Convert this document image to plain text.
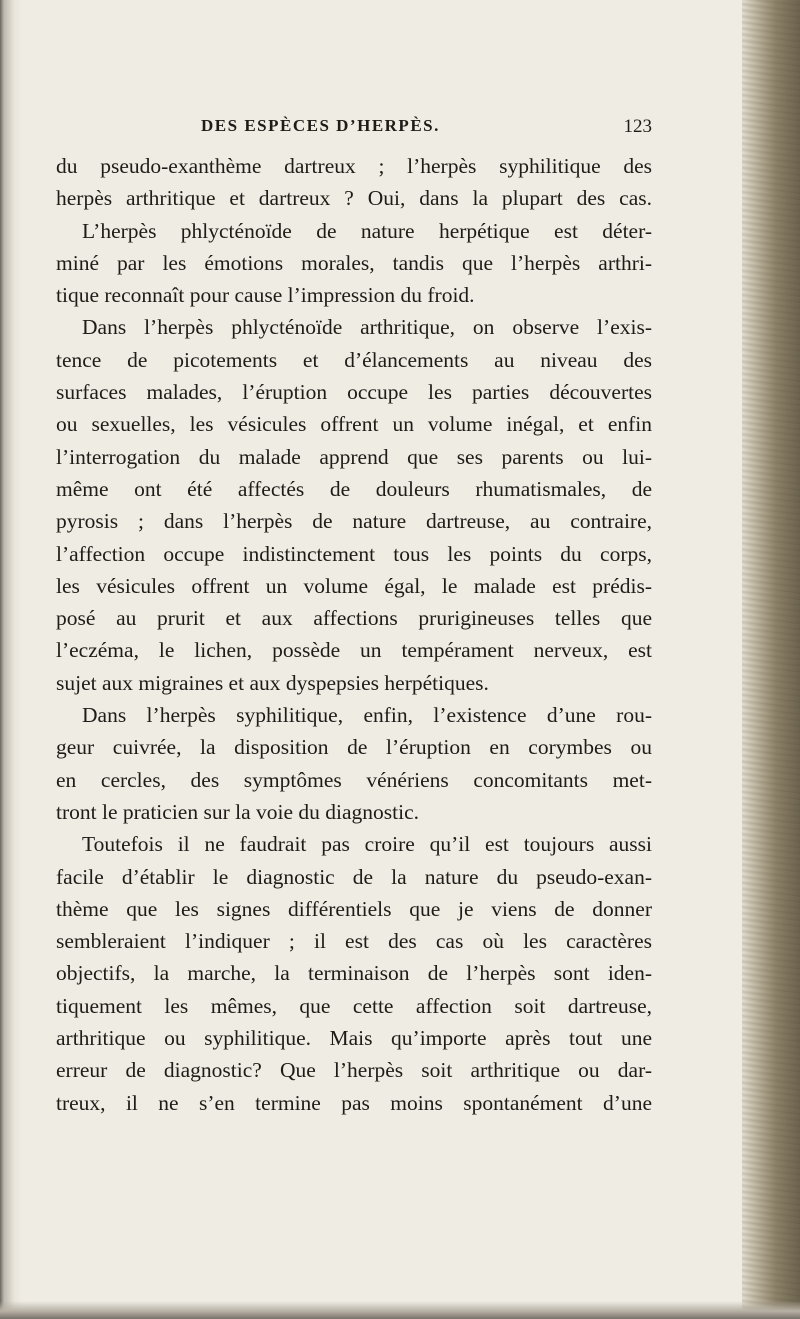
DES ESPÈCES D’HERPÈS.	123
du pseudo-exanthème dartreux ; l’herpès syphilitique des
herpès arthritique et dartreux ? Oui, dans la plupart des cas.
L’herpès phlycténoïde de nature herpétique est déter-
miné par les émotions morales, tandis que l’herpès arthri-
tique reconnaît pour cause l’impression du froid.
Dans l’herpès phlycténoïde arthritique, on observe l’exis-
tence de picotements et d’élancements au niveau des
surfaces malades, l’éruption occupe les parties découvertes
ou sexuelles, les vésicules offrent un volume inégal, et enfin
l’interrogation du malade apprend que ses parents ou lui-
même ont été affectés de douleurs rhumatismales, de
pyrosis ; dans l’herpès de nature dartreuse, au contraire,
l’affection occupe indistinctement tous les points du corps,
les vésicules offrent un volume égal, le malade est prédis-
posé au prurit et aux affections prurigineuses telles que
l’eczéma, le lichen, possède un tempérament nerveux, est
sujet aux migraines et aux dyspepsies herpétiques.
Dans l’herpès syphilitique, enfin, l’existence d’une rou-
geur cuivrée, la disposition de l’éruption en corymbes ou
en cercles, des symptômes vénériens concomitants met-
tront le praticien sur la voie du diagnostic.
Toutefois il ne faudrait pas croire qu’il est toujours aussi
facile d’établir le diagnostic de la nature du pseudo-exan-
thème que les signes différentiels que je viens de donner
sembleraient l’indiquer ; il est des cas où les caractères
objectifs, la marche, la terminaison de l’herpès sont iden-
tiquement les mêmes, que cette affection soit dartreuse,
arthritique ou syphilitique. Mais qu’importe après tout une
erreur de diagnostic? Que l’herpès soit arthritique ou dar-
treux, il ne s’en termine pas moins spontanément d’une
